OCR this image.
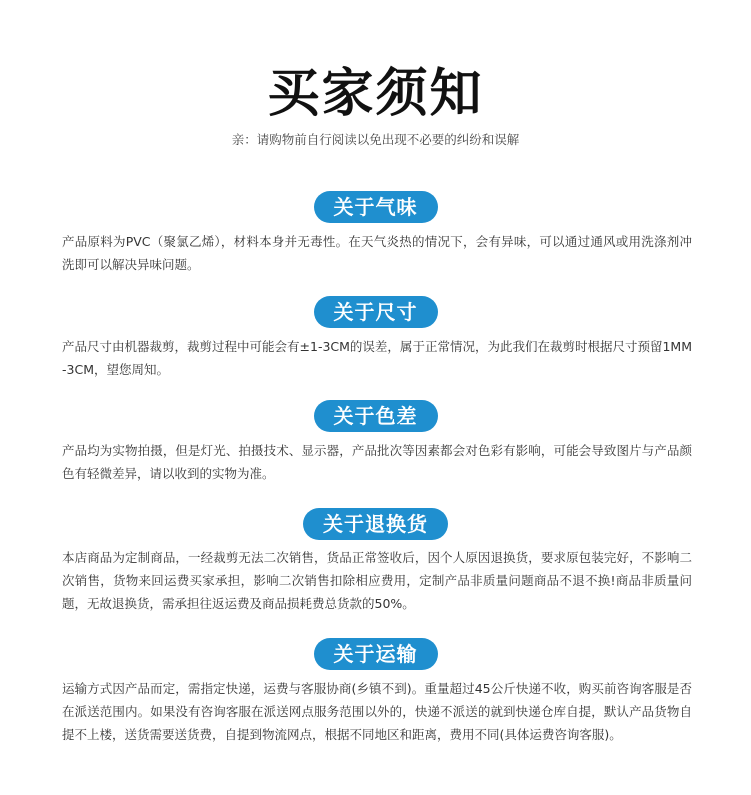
买家须知
亲：请购物前自行阅读以免出现不必要的纠纷和误解
关于气味

产品原料为PVC（聚氯乙烯），材料本身并无毒性。在天气炎热的情况下，会有异味，可以通过通风或用洗涤剂冲洗即可以解决异味问题。

关于尺寸

产品尺寸由机器裁剪，裁剪过程中可能会有±1-3CM的误差，属于正常情况，为此我们在裁剪时根据尺寸预留1MM-3CM，望您周知。

关于色差

产品均为实物拍摄，但是灯光、拍摄技术、显示器，产品批次等因素都会对色彩有影响，可能会导致图片与产品颜色有轻微差异，请以收到的实物为准。

关于退换货

本店商品为定制商品，一经裁剪无法二次销售，货品正常签收后，因个人原因退换货，要求原包装完好，不影响二次销售，货物来回运费买家承担，影响二次销售扣除相应费用，定制产品非质量问题商品不退不换!商品非质量问题，无故退换货，需承担往返运费及商品损耗费总货款的50%。

关于运输

运输方式因产品而定，需指定快递，运费与客服协商(乡镇不到)。重量超过45公斤快递不收，购买前咨询客服是否在派送范围内。如果没有咨询客服在派送网点服务范围以外的，快递不派送的就到快递仓库自提，默认产品货物自提不上楼，送货需要送货费，自提到物流网点，根据不同地区和距离，费用不同(具体运费咨询客服)。
